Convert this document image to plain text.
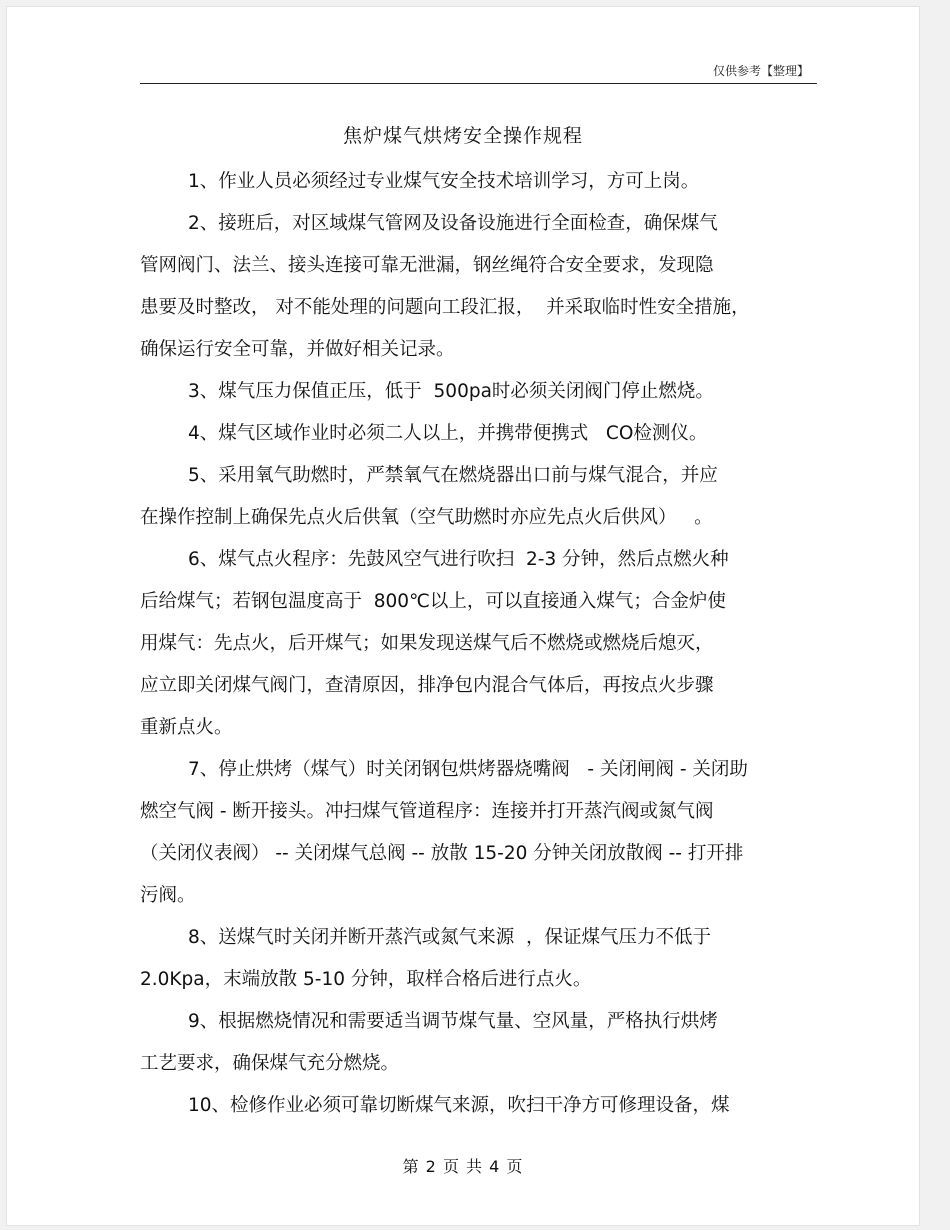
仅供参考【整理】
焦炉煤气烘烤安全操作规程

1、作业人员必须经过专业煤气安全技术培训学习，方可上岗。

2、接班后，对区域煤气管网及设备设施进行全面检查，确保煤气
管网阀门、法兰、接头连接可靠无泄漏，钢丝绳符合安全要求，发现隐
患要及时整改， 对不能处理的问题向工段汇报，  并采取临时性安全措施，
确保运行安全可靠，并做好相关记录。

3、煤气压力保值正压，低于  500pa时必须关闭阀门停止燃烧。

4、煤气区域作业时必须二人以上，并携带便携式   CO检测仪。

5、采用氧气助燃时，严禁氧气在燃烧器出口前与煤气混合，并应
在操作控制上确保先点火后供氧（空气助燃时亦应先点火后供风）   。

6、煤气点火程序：先鼓风空气进行吹扫  2-3 分钟，然后点燃火种
后给煤气；若钢包温度高于  800℃以上，可以直接通入煤气；合金炉使
用煤气：先点火，后开煤气；如果发现送煤气后不燃烧或燃烧后熄灭，
应立即关闭煤气阀门，查清原因，排净包内混合气体后，再按点火步骤
重新点火。

7、停止烘烤（煤气）时关闭钢包烘烤器烧嘴阀   - 关闭闸阀 - 关闭助
燃空气阀 - 断开接头。冲扫煤气管道程序：连接并打开蒸汽阀或氮气阀
（关闭仪表阀） -- 关闭煤气总阀 -- 放散 15-20 分钟关闭放散阀 -- 打开排
污阀。

8、送煤气时关闭并断开蒸汽或氮气来源  ，保证煤气压力不低于
2.0Kpa，末端放散 5-10 分钟，取样合格后进行点火。

9、根据燃烧情况和需要适当调节煤气量、空风量，严格执行烘烤
工艺要求，确保煤气充分燃烧。

10、检修作业必须可靠切断煤气来源，吹扫干净方可修理设备，煤

第 2 页 共 4 页
